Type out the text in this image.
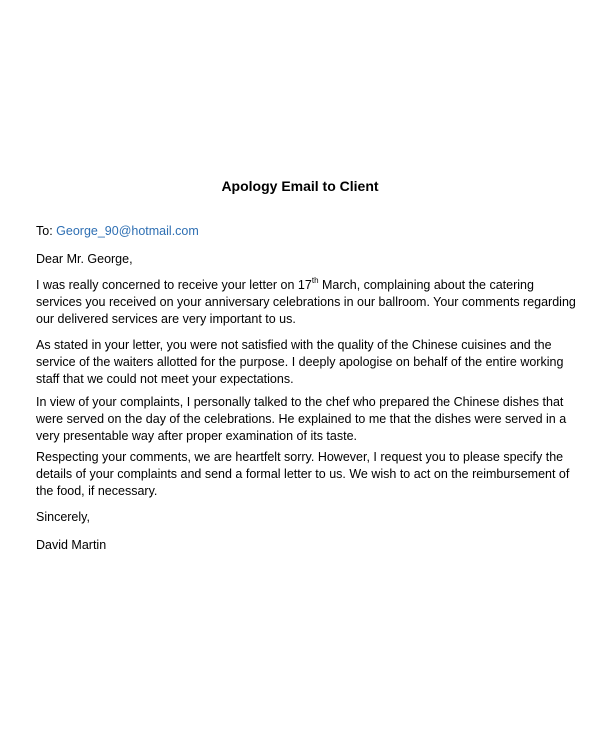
Apology Email to Client

To: George_90@hotmail.com

Dear Mr. George,

I was really concerned to receive your letter on 17th March, complaining about the catering
services you received on your anniversary celebrations in our ballroom. Your comments regarding
our delivered services are very important to us.

As stated in your letter, you were not satisfied with the quality of the Chinese cuisines and the
service of the waiters allotted for the purpose. I deeply apologise on behalf of the entire working
staff that we could not meet your expectations.

In view of your complaints, I personally talked to the chef who prepared the Chinese dishes that
were served on the day of the celebrations. He explained to me that the dishes were served in a
very presentable way after proper examination of its taste.

Respecting your comments, we are heartfelt sorry. However, I request you to please specify the
details of your complaints and send a formal letter to us. We wish to act on the reimbursement of
the food, if necessary.

Sincerely,

David Martin
